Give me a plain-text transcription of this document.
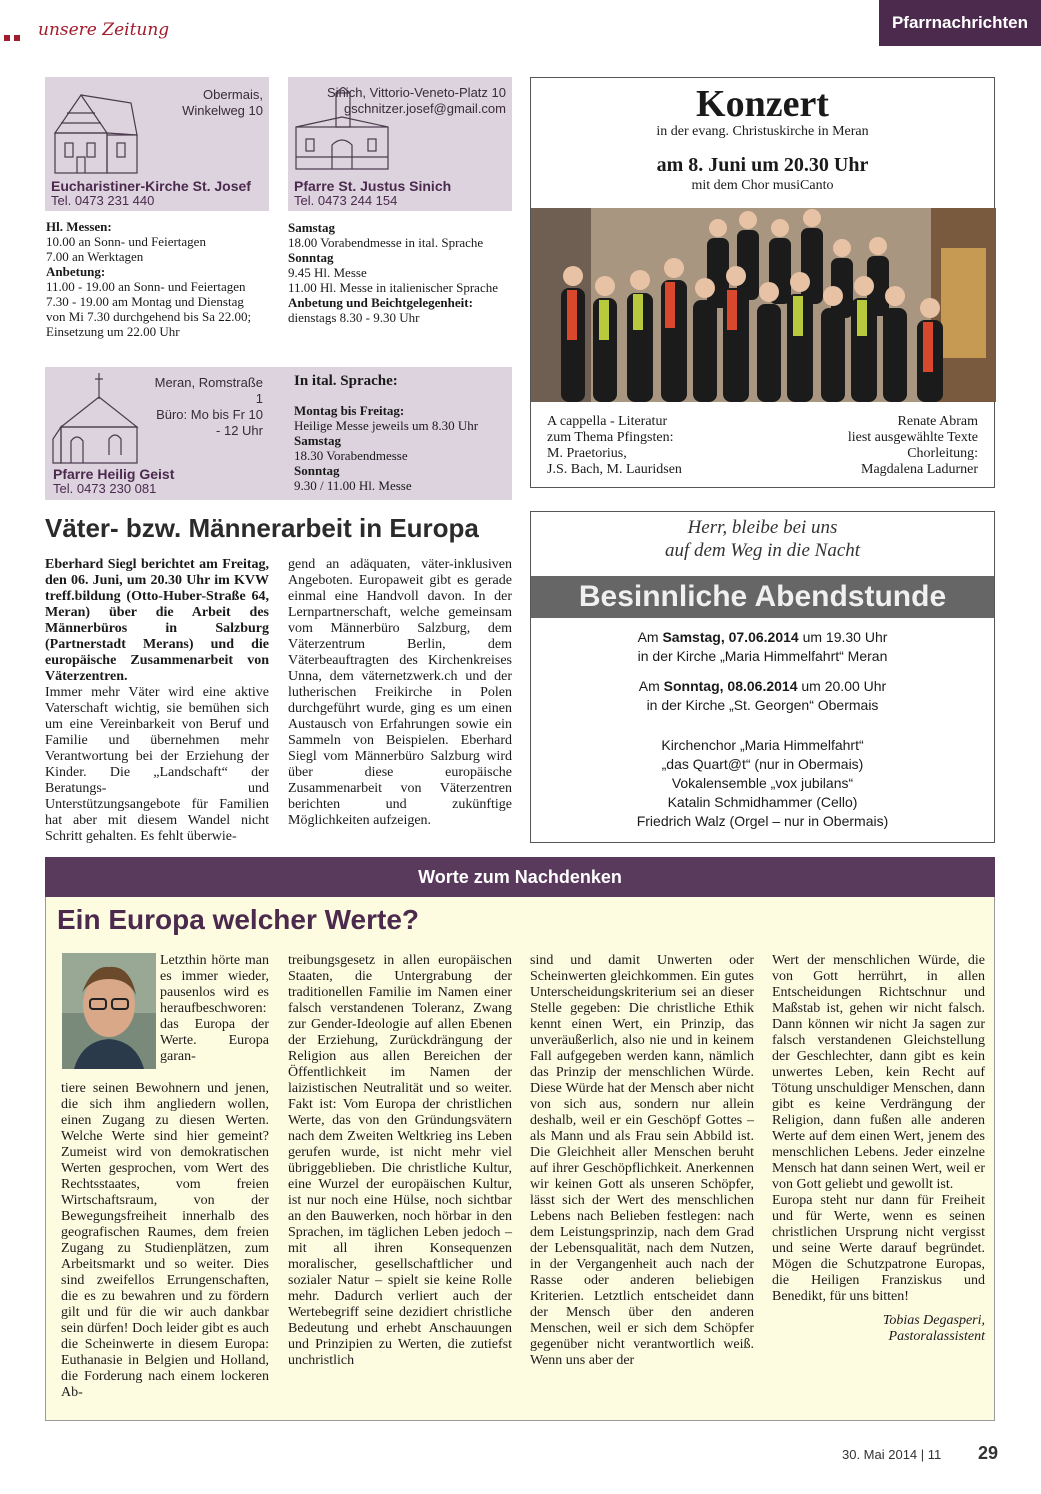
unsere Zeitung	Pfarrnachrichten
Obermais,
Winkelweg 10
Eucharistiner-Kirche St. Josef
Tel. 0473 231 440
Hl. Messen:
10.00 an Sonn- und Feiertagen
7.00 an Werktagen
Anbetung:
11.00 - 19.00 an Sonn- und Feiertagen
7.30 - 19.00 am Montag und Dienstag
von Mi 7.30 durchgehend bis Sa 22.00;
Einsetzung um 22.00 Uhr
Sinich, Vittorio-Veneto-Platz 10
gschnitzer.josef@gmail.com
Pfarre St. Justus Sinich
Tel. 0473 244 154
Samstag
18.00 Vorabendmesse in ital. Sprache
Sonntag
9.45 Hl. Messe
11.00 Hl. Messe in italienischer Sprache
Anbetung und Beichtgelegenheit:
dienstags 8.30 - 9.30 Uhr
Meran, Romstraße 1
Büro: Mo bis Fr 10 - 12 Uhr
Pfarre Heilig Geist
Tel. 0473 230 081
In ital. Sprache:
Montag bis Freitag:
Heilige Messe jeweils um 8.30 Uhr
Samstag
18.30 Vorabendmesse
Sonntag
9.30 / 11.00 Hl. Messe
Konzert
in der evang. Christuskirche in Meran
am 8. Juni um 20.30 Uhr
mit dem Chor musiCanto
A cappella - Literatur
zum Thema Pfingsten:
M. Praetorius,
J.S. Bach, M. Lauridsen
Renate Abram
liest ausgewählte Texte
Chorleitung:
Magdalena Ladurner
Väter- bzw. Männerarbeit in Europa
Eberhard Siegl berichtet am Freitag, den 06. Juni, um 20.30 Uhr im KVW treff.bildung (Otto-Huber-Straße 64, Meran) über die Arbeit des Männerbüros in Salzburg (Partnerstadt Merans) und die europäische Zusammenarbeit von Väterzentren.
Immer mehr Väter wird eine aktive Vaterschaft wichtig, sie bemühen sich um eine Vereinbarkeit von Beruf und Familie und übernehmen mehr Verantwortung bei der Erziehung der Kinder. Die „Landschaft“ der Beratungs- und Unterstützungsangebote für Familien hat aber mit diesem Wandel nicht Schritt gehalten. Es fehlt überwie-
gend an adäquaten, väter-inklusiven Angeboten. Europaweit gibt es gerade einmal eine Handvoll davon. In der Lernpartnerschaft, welche gemeinsam vom Männerbüro Salzburg, dem Väterzentrum Berlin, dem Väterbeauftragten des Kirchenkreises Unna, dem väternetzwerk.ch und der lutherischen Freikirche in Polen durchgeführt wurde, ging es um einen Austausch von Erfahrungen sowie ein Sammeln von Beispielen. Eberhard Siegl vom Männerbüro Salzburg wird über diese europäische Zusammenarbeit von Väterzentren berichten und zukünftige Möglichkeiten aufzeigen.
Herr, bleibe bei uns
auf dem Weg in die Nacht
Besinnliche Abendstunde
Am Samstag, 07.06.2014 um 19.30 Uhr
in der Kirche „Maria Himmelfahrt“ Meran
Am Sonntag, 08.06.2014 um 20.00 Uhr
in der Kirche „St. Georgen“ Obermais
Kirchenchor „Maria Himmelfahrt“
„das Quart@t“ (nur in Obermais)
Vokalensemble „vox jubilans“
Katalin Schmidhammer (Cello)
Friedrich Walz (Orgel – nur in Obermais)
Worte zum Nachdenken
Ein Europa welcher Werte?
Letzthin hörte man es immer wieder, pausenlos wird es heraufbeschworen: das Europa der Werte. Europa garan-
tiere seinen Bewohnern und jenen, die sich ihm angliedern wollen, einen Zugang zu diesen Werten. Welche Werte sind hier gemeint? Zumeist wird von demokratischen Werten gesprochen, vom Wert des Rechtsstaates, vom freien Wirtschaftsraum, von der Bewegungsfreiheit innerhalb des geografischen Raumes, dem freien Zugang zu Studienplätzen, zum Arbeitsmarkt und so weiter. Dies sind zweifellos Errungenschaften, die es zu bewahren und zu fördern gilt und für die wir auch dankbar sein dürfen! Doch leider gibt es auch die Scheinwerte in diesem Europa: Euthanasie in Belgien und Holland, die Forderung nach einem lockeren Ab-
treibungsgesetz in allen europäischen Staaten, die Untergrabung der traditionellen Familie im Namen einer falsch verstandenen Toleranz, Zwang zur Gender-Ideologie auf allen Ebenen der Erziehung, Zurückdrängung der Religion aus allen Bereichen der Öffentlichkeit im Namen der laizistischen Neutralität und so weiter. Fakt ist: Vom Europa der christlichen Werte, das von den Gründungsvätern nach dem Zweiten Weltkrieg ins Leben gerufen wurde, ist nicht mehr viel übriggeblieben. Die christliche Kultur, eine Wurzel der europäischen Kultur, ist nur noch eine Hülse, noch sichtbar an den Bauwerken, noch hörbar in den Sprachen, im täglichen Leben jedoch – mit all ihren Konsequenzen moralischer, gesellschaftlicher und sozialer Natur – spielt sie keine Rolle mehr. Dadurch verliert auch der Wertebegriff seine dezidiert christliche Bedeutung und erhebt Anschauungen und Prinzipien zu Werten, die zutiefst unchristlich
sind und damit Unwerten oder Scheinwerten gleichkommen. Ein gutes Unterscheidungskriterium sei an dieser Stelle gegeben: Die christliche Ethik kennt einen Wert, ein Prinzip, das unveräußerlich, also nie und in keinem Fall aufgegeben werden kann, nämlich das Prinzip der menschlichen Würde. Diese Würde hat der Mensch aber nicht von sich aus, sondern nur allein deshalb, weil er ein Geschöpf Gottes – als Mann und als Frau sein Abbild ist. Die Gleichheit aller Menschen beruht auf ihrer Geschöpflichkeit. Anerkennen wir keinen Gott als unseren Schöpfer, lässt sich der Wert des menschlichen Lebens nach Belieben festlegen: nach dem Leistungsprinzip, nach dem Grad der Lebensqualität, nach dem Nutzen, in der Vergangenheit auch nach der Rasse oder anderen beliebigen Kriterien. Letztlich entscheidet dann der Mensch über den anderen Menschen, weil er sich dem Schöpfer gegenüber nicht verantwortlich weiß. Wenn uns aber der
Wert der menschlichen Würde, die von Gott herrührt, in allen Entscheidungen Richtschnur und Maßstab ist, gehen wir nicht falsch. Dann können wir nicht Ja sagen zur falsch verstandenen Gleichstellung der Geschlechter, dann gibt es kein unwertes Leben, kein Recht auf Tötung unschuldiger Menschen, dann gibt es keine Verdrängung der Religion, dann fußen alle anderen Werte auf dem einen Wert, jenem des menschlichen Lebens. Jeder einzelne Mensch hat dann seinen Wert, weil er von Gott geliebt und gewollt ist.
Europa steht nur dann für Freiheit und für Werte, wenn es seinen christlichen Ursprung nicht vergisst und seine Werte darauf begründet. Mögen die Schutzpatrone Europas, die Heiligen Franziskus und Benedikt, für uns bitten!
Tobias Degasperi,
Pastoralassistent
30. Mai 2014 | 11 29
